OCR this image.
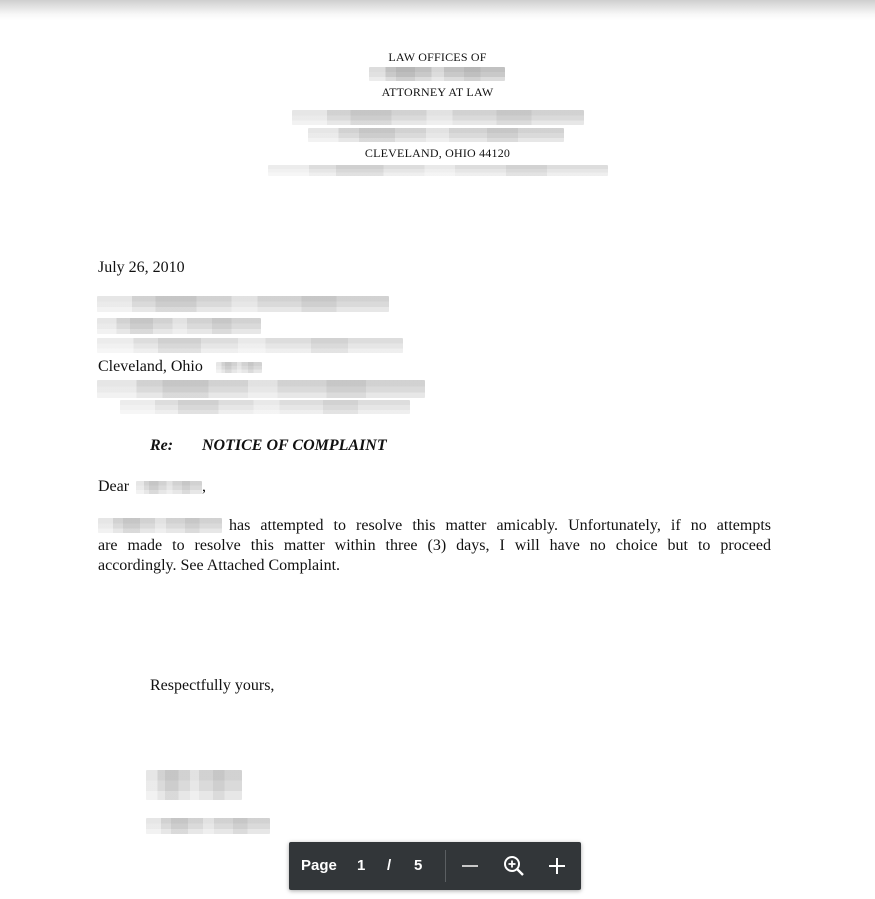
LAW OFFICES OF
ATTORNEY AT LAW
CLEVELAND, OHIO 44120
July 26, 2010
Cleveland, Ohio
Re: NOTICE OF COMPLAINT
Dear	,
has attempted to resolve this matter amicably. Unfortunately, if no attempts
are made to resolve this matter within three (3) days, I will have no choice but to proceed
accordingly. See Attached Complaint.
Respectfully yours,
Page 1 / 5
